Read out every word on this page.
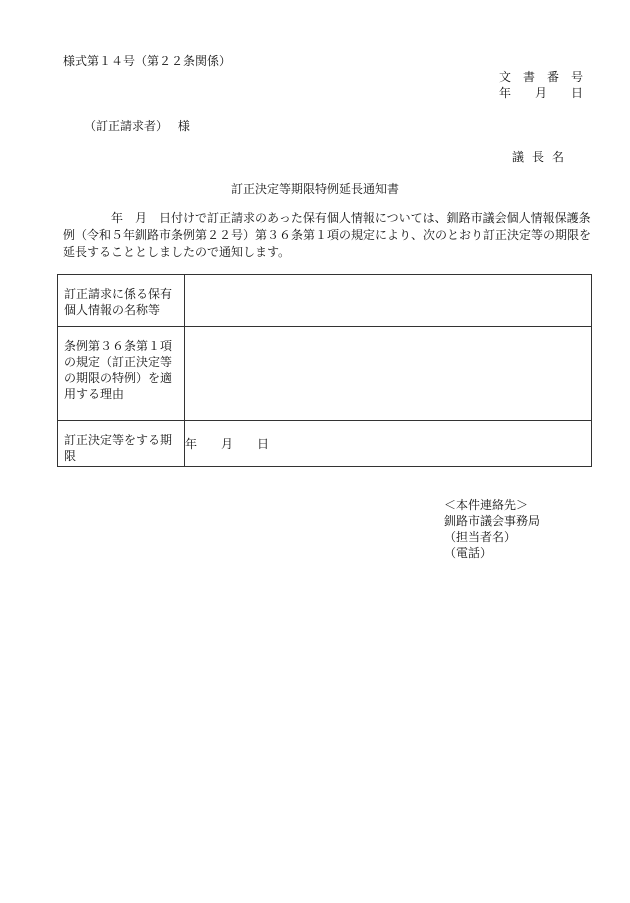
様式第１４号（第２２条関係）
文　書　番　号
年　　月　　日
（訂正請求者）　 様
議長名
訂正決定等期限特例延長通知書
年　月　日付けで訂正請求のあった保有個人情報については、釧路市議会個人情報保護条例（令和５年釧路市条例第２２号）第３６条第１項の規定により、次のとおり訂正決定等の期限を延長することとしましたので通知します。
訂正請求に係る保有個人情報の名称等	
条例第３６条第１項の規定（訂正決定等の期限の特例）を適用する理由	
訂正決定等をする期限	年　　月　　日
＜本件連絡先＞
釧路市議会事務局
（担当者名）
（電話）
